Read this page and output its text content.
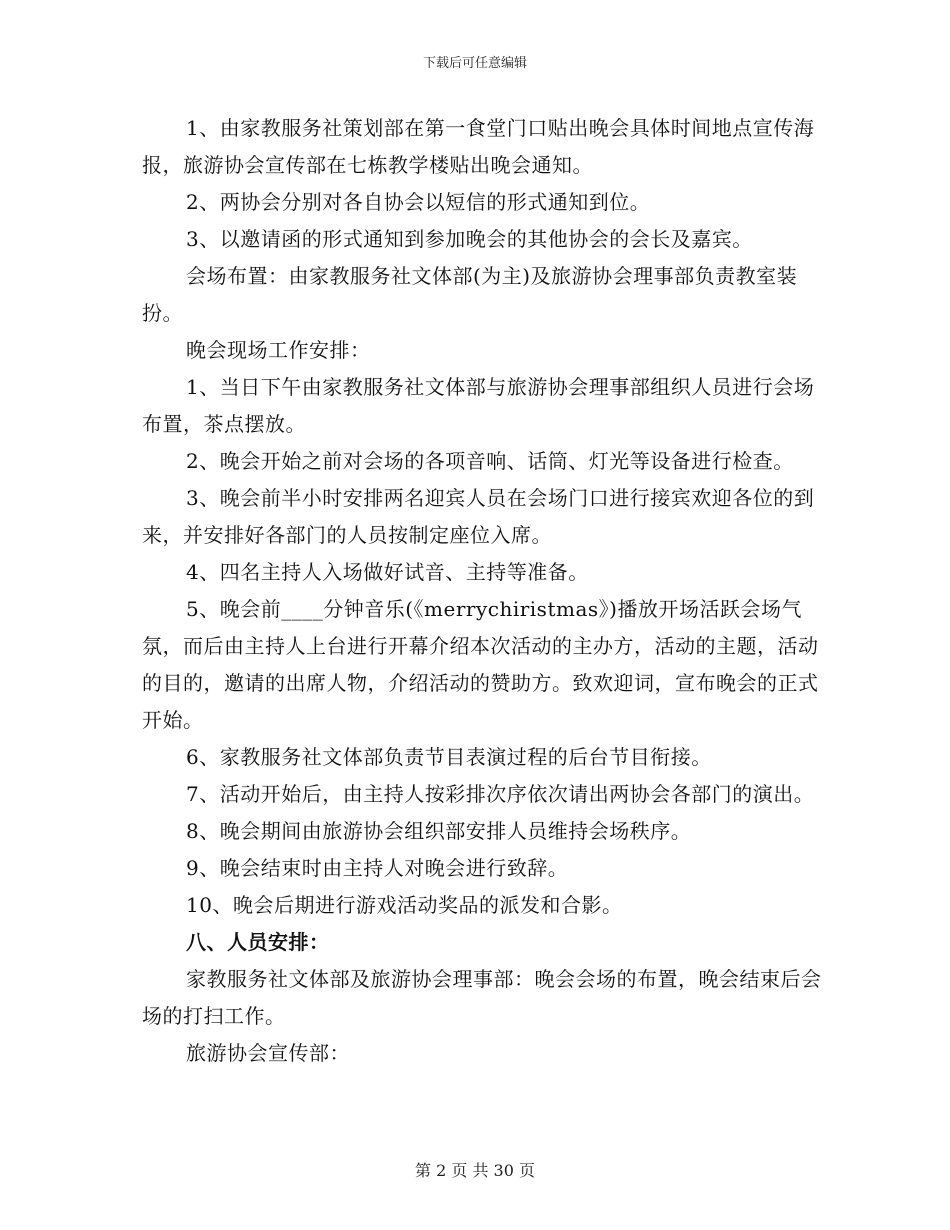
下载后可任意编辑

1、由家教服务社策划部在第一食堂门口贴出晚会具体时间地点宣传海报，旅游协会宣传部在七栋教学楼贴出晚会通知。

2、两协会分别对各自协会以短信的形式通知到位。

3、以邀请函的形式通知到参加晚会的其他协会的会长及嘉宾。

会场布置：由家教服务社文体部(为主)及旅游协会理事部负责教室装扮。

晚会现场工作安排：

1、当日下午由家教服务社文体部与旅游协会理事部组织人员进行会场布置，茶点摆放。

2、晚会开始之前对会场的各项音响、话筒、灯光等设备进行检查。

3、晚会前半小时安排两名迎宾人员在会场门口进行接宾欢迎各位的到来，并安排好各部门的人员按制定座位入席。

4、四名主持人入场做好试音、主持等准备。

5、晚会前____分钟音乐(《merrychiristmas》)播放开场活跃会场气氛，而后由主持人上台进行开幕介绍本次活动的主办方，活动的主题，活动的目的，邀请的出席人物，介绍活动的赞助方。致欢迎词，宣布晚会的正式开始。

6、家教服务社文体部负责节目表演过程的后台节目衔接。

7、活动开始后，由主持人按彩排次序依次请出两协会各部门的演出。

8、晚会期间由旅游协会组织部安排人员维持会场秩序。

9、晚会结束时由主持人对晚会进行致辞。

10、晚会后期进行游戏活动奖品的派发和合影。

八、人员安排：

家教服务社文体部及旅游协会理事部：晚会会场的布置，晚会结束后会场的打扫工作。

旅游协会宣传部：

第 2 页 共 30 页
